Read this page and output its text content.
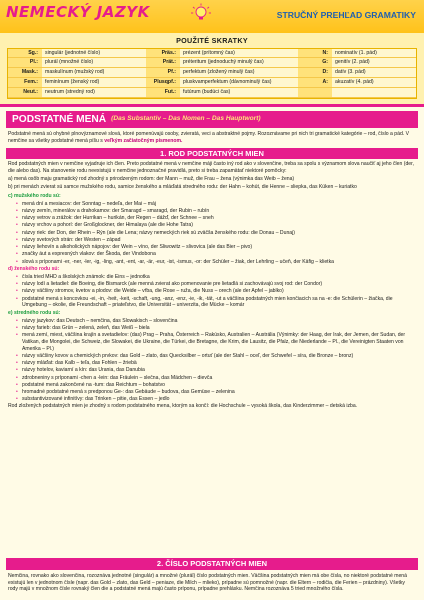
NEMECKÝ JAZYK	STRUČNÝ PREHĽAD GRAMATIKY
POUŽITÉ SKRATKY
Sg.:	singulár (jednotné číslo)	Präs.:	prézent (prítomný čas)	N:	nominatív (1. pád)
Pl.:	plurál (množné číslo)	Prät.:	préteritum (jednoduchý minulý čas)	G:	genitív (2. pád)
Mask.:	maskulínum (mužský rod)	Pf.:	perfektum (zložený minulý čas)	D:	datív (3. pád)
Fem.:	feminínum (ženský rod)	Plusqpf.:	pluskvamperfektum (dávnominulý čas)	A:	akuzatív (4. pád)
Neut.:	neutrum (stredný rod)	Fut.:	futúrum (budúci čas)
PODSTATNÉ MENÁ (Das Substantiv – Das Nomen – Das Hauptwort)
Podstatné mená sú ohybné plnovýznamové slová, ktoré pomenúvajú osoby, zvieratá, veci a abstraktné pojmy. Rozoznávame pri nich tri gramatické kategórie – rod, číslo a pád. V nemčine sa všetky podstatné mená píšu s veľkým začiatočným písmenom.
1. ROD PODSTATNÝCH MIEN

Rod podstatných mien v nemčine vyjadruje ich člen. Preto podstatné mená v nemčine máji často iný rod ako v slovenčine, treba sa spolu s významom slova naučiť aj jeho člen (der, die alebo das). Na stanovenie rodu neexistujú v nemčine jednoznačné pravidlá, preto si treba zapamätať niektoré pomôcky:

a) mená osôb maju gramatický rod zhodný s prirodzeným rodom: der Mann – muž, die Frau – žena (výnimka das Weib – žena)

b) pri menách zvierat sú samce mužského rodu, samice ženského a mláďatá stredného rodu: der Hahn – kohút, die Henne – sliepka, das Küken – kuriatko

c) mužského rodu sú:

• mená dní a mesiacov: der Sonntag – nedeľa, der Mai – máj
• názvy zemín, minerálov a drahokamov: der Smaragd – smaragd, der Rubin – rubín
• názvy vetrov a zrážok: der Hurrikan – hurikán, der Regen – dážď, der Schnee – sneh
• názvy vrchov a pohorí: der Großglockner, der Himalaya (ale die Hohe Tatra)
• názvy riek: der Don, der Rhein – Rýn (ale die Lena; názvy nemeckých riek sú zväčša ženského rodu: die Donau – Dunaj)
• názvy svetových strán: der Westen – západ
• názvy liehovín a alkoholických nápojov: der Wein – víno, der Sliwowitz – slivovica (ale das Bier – pivo)
• značky áut a expresných vlakov: der Škoda, der Vindobona
• slová s príponami -er, -ner, -ler, -ig, -ling, -ant, -ent, -ar, -är, -eur, -ist, -ismus, -or: der Schüler – žiak, der Lehrling – učeň, der Käfig – klietka

d) ženského rodu sú:

• čísla tried MHD a školských známok: die Eins – jednotka
• názvy lodí a lietadiel: die Boeing, die Bismarck (ale menná zvierat ako pomenovanie pre lietadlá si zachovávajú svoj rod: der Condor)
• názvy väčšiny stromov, kvetov a plodov: die Weide – vŕba, die Rose – ruža, die Nuss – orech (ale der Apfel – jablko)
• podstatné mená s koncovkou -ei, -in, -heit, -keit, -schaft, -ung, -anz, -enz, -ie, -ik, -tät, -ut a väčšina podstatných mien končiacich sa na -e: die Schülerin – žiačka, die Umgebung – okolie, die Freundschaft – priateľstvo, die Universität – univerzita, die Mücke – komár

e) stredného rodu sú:

• názvy jazykov: das Deutsch – nemčina, das Slowakisch – slovenčina
• názvy farieb: das Grün – zelená, zeleň, das Weiß – biela
• mená zemí, miest, väčšina krajín a svetadielov: (das) Prag – Praha, Österreich – Rakúsko, Australien – Austrália (Výnimky: der Haag, der Irak, der Jemen, der Sudan, der Vatikan, die Mongolei, die Schweiz, die Slowakei, die Ukraine, die Türkei, die Bretagne, die Krim, die Lausitz, die Pfalz, die Niederlande – Pl., die Vereinigten Staaten von Amerika – Pl.)
• názvy väčšiny kovov a chemických prvkov: das Gold – zlato, das Quecksilber – ortuť (ale der Stahl – oceľ, der Schwefel – síra, die Bronze – bronz)
• názvy mláďat: das Kalb – teľa, das Fohlen – žriebä
• názvy hotelov, kaviarní a kín: das Urania, das Danubia
• zdrobneniny s príponami -chen a -lein: das Fräulein – slečna, das Mädchen – dievča
• podstatné mená zakončené na -tum: das Reichtum – bohatstvo
• hromadné podstatné mená s predponou Ge-: das Gebäude – budova, das Gemüse – zelenina
• substantivizované infinitívy: das Trinken – pitie, das Essen – jedlo

Rod zložených podstatných mien je zhodný s rodom podstatného mena, ktorým sa končí: die Hochschule – vysoká škola, das Kinderzimmer – detská izba.

2. ČÍSLO PODSTATNÝCH MIEN
Nemčina, rovnako ako slovenčina, rozoznáva jednotné (singulár) a množné (plurál) číslo podstatných mien. Väčšina podstatných mien má obe čísla, no niektoré podstatné mená existujú len v jednotnom čísle (napr. das Gold – zlato, das Geld – peniaze, die Milch – mlieko), prípadne sú pomnožné (napr. die Eltern – rodičia, die Ferien – prázdniny). Všetky rody majú v množnom čísle rovnaký člen die a podstatné mená majú často príponu, prípadne prehlásku. Nemčina rozoznáva 5 tried množného čísla.
